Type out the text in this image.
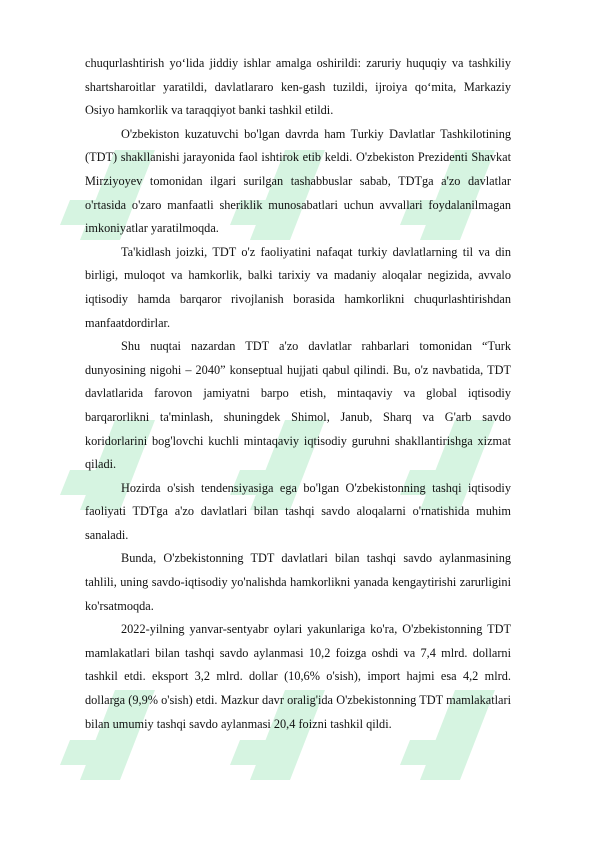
chuqurlashtirish yo‘lida jiddiy ishlar amalga oshirildi: zaruriy huquqiy va tashkiliy shartsharoitlar yaratildi, davlatlararo ken-gash tuzildi, ijroiya qo‘mita, Markaziy Osiyo hamkorlik va taraqqiyot banki tashkil etildi.

O'zbekiston kuzatuvchi bo'lgan davrda ham Turkiy Davlatlar Tashkilotining (TDT) shakllanishi jarayonida faol ishtirok etib keldi. O'zbekiston Prezidenti Shavkat Mirziyoyev tomonidan ilgari surilgan tashabbuslar sabab, TDTga a'zo davlatlar o'rtasida o'zaro manfaatli sheriklik munosabatlari uchun avvallari foydalanilmagan imkoniyatlar yaratilmoqda.

Ta'kidlash joizki, TDT o'z faoliyatini nafaqat turkiy davlatlarning til va din birligi, muloqot va hamkorlik, balki tarixiy va madaniy aloqalar negizida, avvalo iqtisodiy hamda barqaror rivojlanish borasida hamkorlikni chuqurlashtirishdan manfaatdordirlar.

Shu nuqtai nazardan TDT a'zo davlatlar rahbarlari tomonidan “Turk dunyosining nigohi – 2040” konseptual hujjati qabul qilindi. Bu, o'z navbatida, TDT davlatlarida farovon jamiyatni barpo etish, mintaqaviy va global iqtisodiy barqarorlikni ta'minlash, shuningdek Shimol, Janub, Sharq va G'arb savdo koridorlarini bog'lovchi kuchli mintaqaviy iqtisodiy guruhni shakllantirishga xizmat qiladi.

Hozirda o'sish tendensiyasiga ega bo'lgan O'zbekistonning tashqi iqtisodiy faoliyati TDTga a'zo davlatlari bilan tashqi savdo aloqalarni o'rnatishida muhim sanaladi.

Bunda, O'zbekistonning TDT davlatlari bilan tashqi savdo aylanmasining tahlili, uning savdo-iqtisodiy yo'nalishda hamkorlikni yanada kengaytirishi zarurligini ko'rsatmoqda.

2022-yilning yanvar-sentyabr oylari yakunlariga ko'ra, O'zbekistonning TDT mamlakatlari bilan tashqi savdo aylanmasi 10,2 foizga oshdi va 7,4 mlrd. dollarni tashkil etdi. eksport 3,2 mlrd. dollar (10,6% o'sish), import hajmi esa 4,2 mlrd. dollarga (9,9% o'sish) etdi. Mazkur davr oralig'ida O'zbekistonning TDT mamlakatlari bilan umumiy tashqi savdo aylanmasi 20,4 foizni tashkil qildi.
